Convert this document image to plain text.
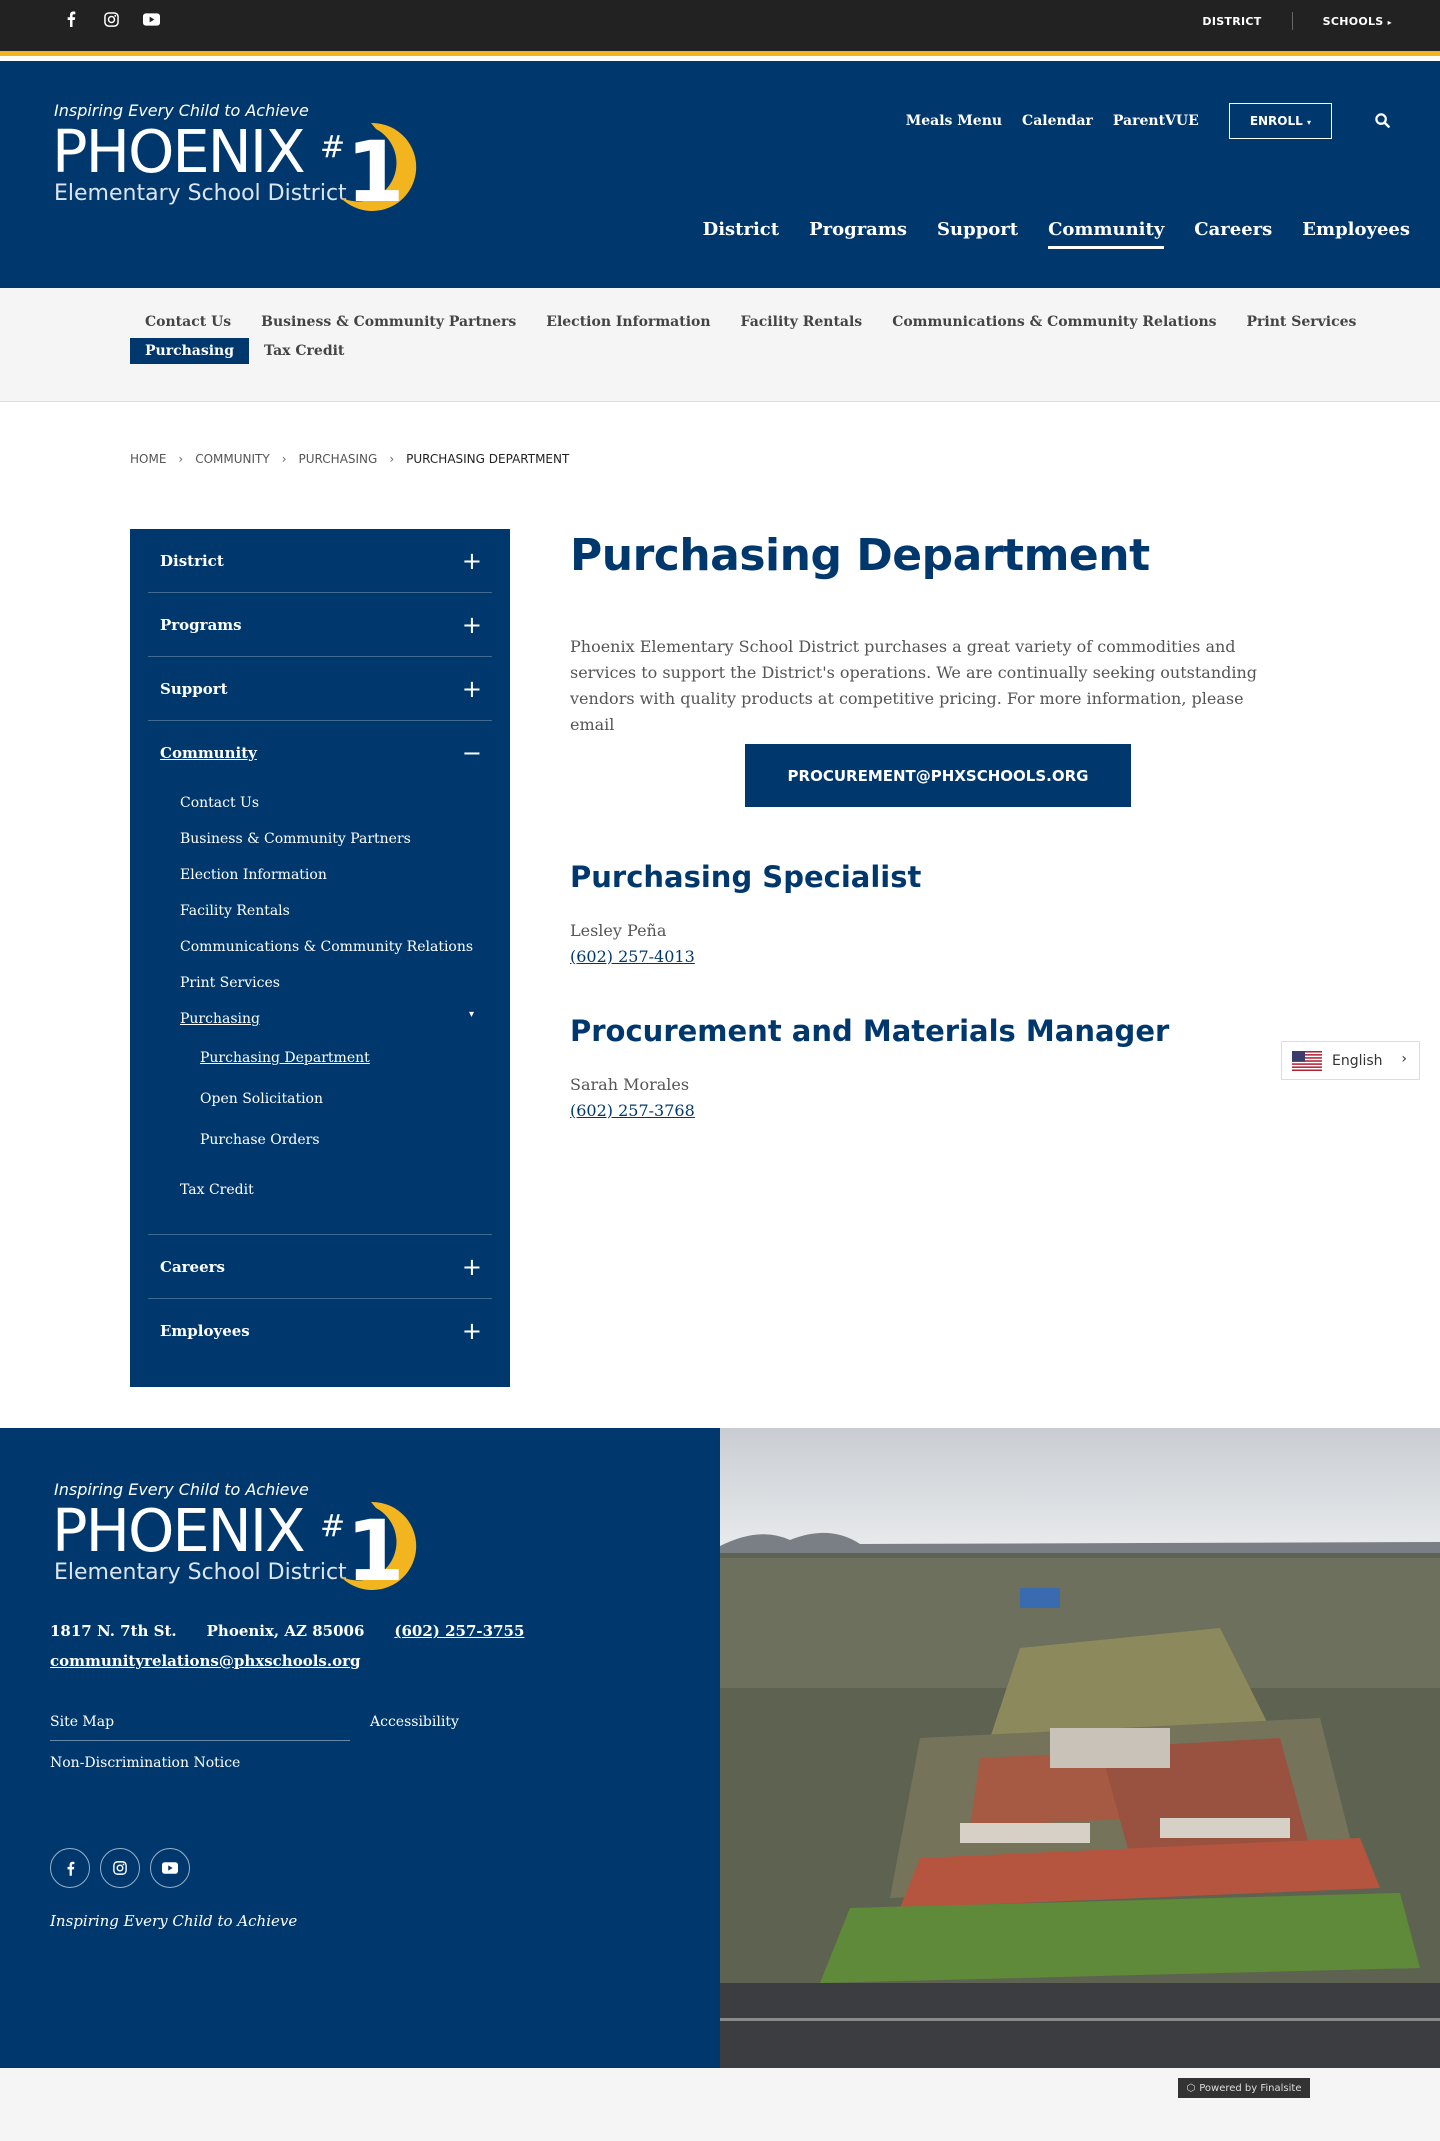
DISTRICT	SCHOOLS ▸
Inspiring Every Child to Achieve
PHOENIX
Elementary School District
# 1
Meals Menu Calendar ParentVUE	ENROLL ▾
District Programs Support Community Careers Employees
Contact Us	Business & Community Partners	Election Information	Facility Rentals	Communications & Community Relations	Print Services
Purchasing	Tax Credit
HOME › COMMUNITY › PURCHASING › PURCHASING DEPARTMENT
District	+
Programs	+
Support	+
Community	−
Contact Us
Business & Community Partners
Election Information
Facility Rentals
Communications & Community Relations
Print Services
Purchasing	▾
Purchasing Department
Open Solicitation
Purchase Orders
Tax Credit
Careers	+
Employees	+
Purchasing Department

Phoenix Elementary School District purchases a great variety of commodities and services to support the District's operations. We are continually seeking outstanding vendors with quality products at competitive pricing. For more information, please email

PROCUREMENT@PHXSCHOOLS.ORG
Purchasing Specialist
Lesley Peña
(602) 257-4013
Procurement and Materials Manager
Sarah Morales
(602) 257-3768
English ›
Inspiring Every Child to Achieve
PHOENIX
Elementary School District
# 1
1817 N. 7th St. Phoenix, AZ 85006 (602) 257-3755
communityrelations@phxschools.org
Site Map	Accessibility
Non-Discrimination Notice
Inspiring Every Child to Achieve
⬡ Powered by Finalsite
